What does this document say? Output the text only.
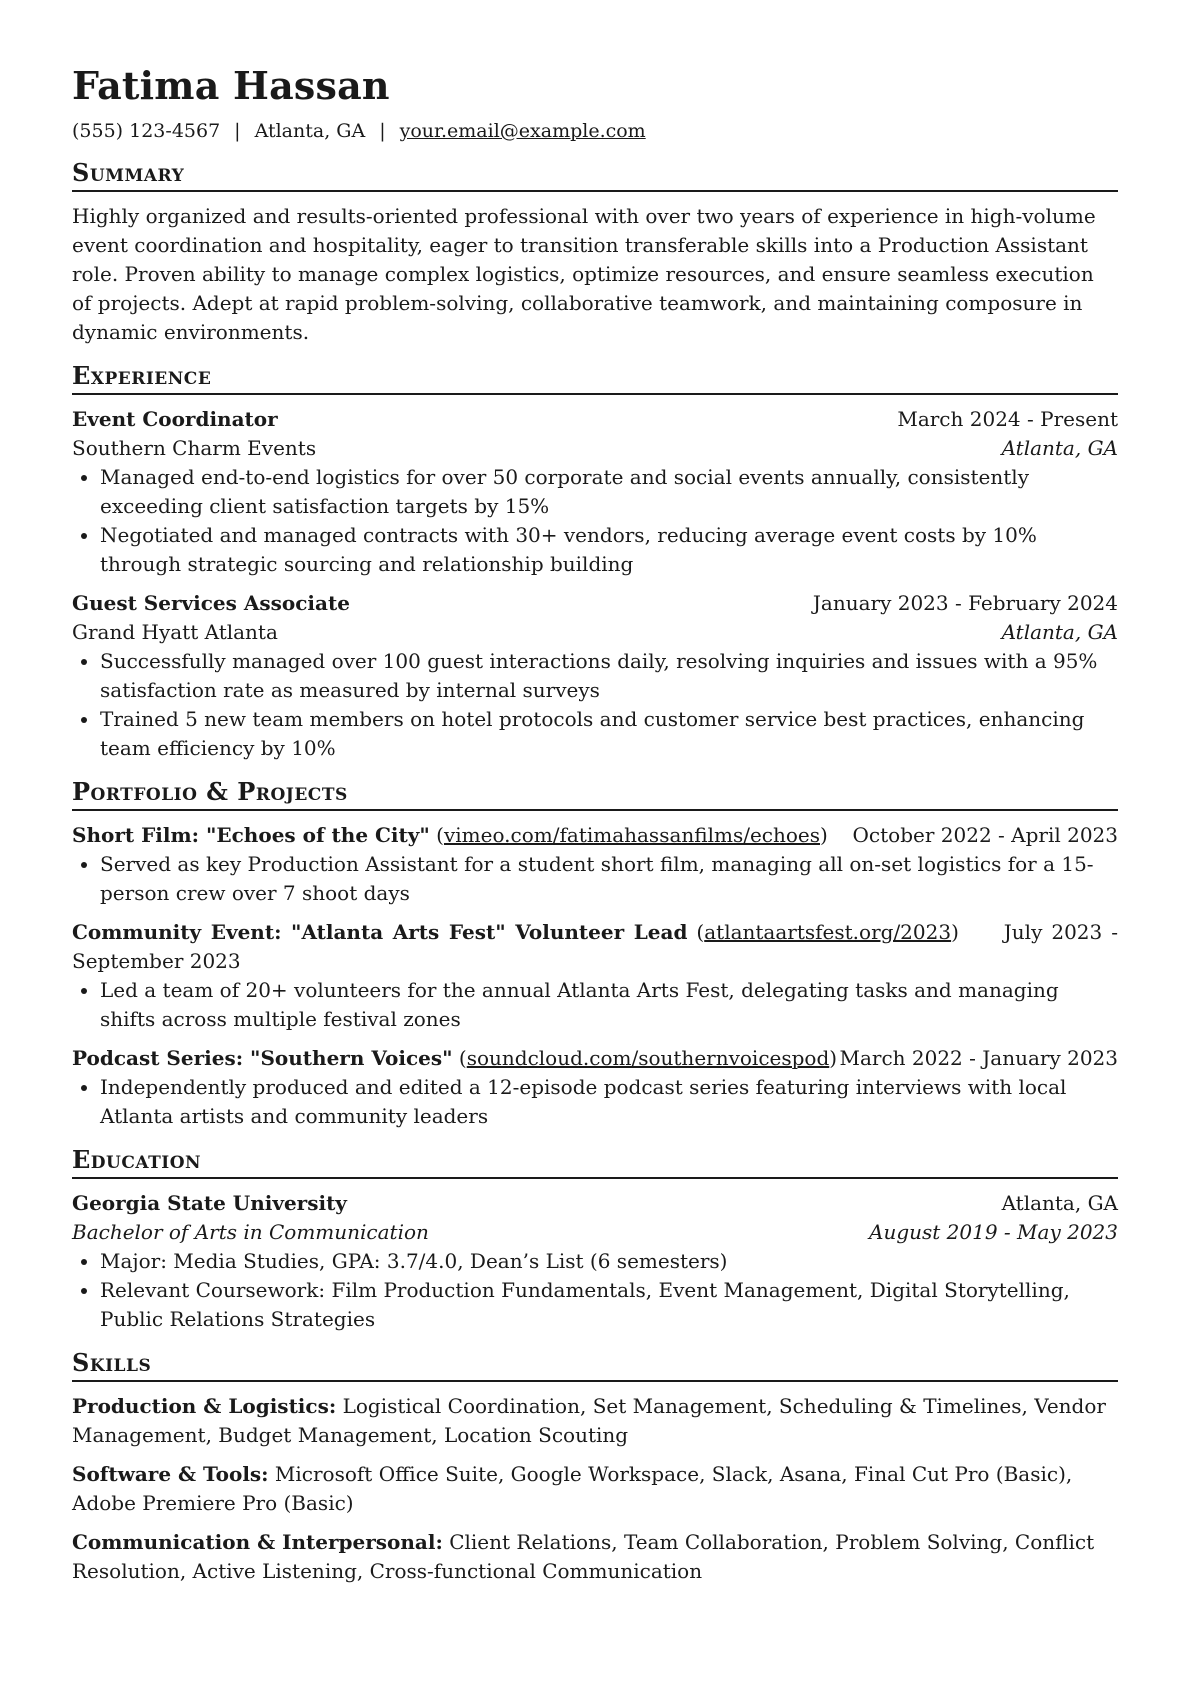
Fatima Hassan
(555) 123-4567 | Atlanta, GA | your.email@example.com
Summary
Highly organized and results-oriented professional with over two years of experience in high-volume event coordination and hospitality, eager to transition transferable skills into a Production Assistant role. Proven ability to manage complex logistics, optimize resources, and ensure seamless execution of projects. Adept at rapid problem-solving, collaborative teamwork, and maintaining composure in dynamic environments.
Experience
Event Coordinator	March 2024 - Present
Southern Charm Events	Atlanta, GA
• Managed end-to-end logistics for over 50 corporate and social events annually, consistently exceeding client satisfaction targets by 15%
• Negotiated and managed contracts with 30+ vendors, reducing average event costs by 10% through strategic sourcing and relationship building
Guest Services Associate	January 2023 - February 2024
Grand Hyatt Atlanta	Atlanta, GA
• Successfully managed over 100 guest interactions daily, resolving inquiries and issues with a 95% satisfaction rate as measured by internal surveys
• Trained 5 new team members on hotel protocols and customer service best practices, enhancing team efficiency by 10%
Portfolio & Projects
Short Film: "Echoes of the City" (vimeo.com/fatimahassanfilms/echoes) October 2022 - April 2023
• Served as key Production Assistant for a student short film, managing all on-set logistics for a 15-person crew over 7 shoot days
Community Event: "Atlanta Arts Fest" Volunteer Lead (atlantaartsfest.org/2023)     July 2023 - September 2023
• Led a team of 20+ volunteers for the annual Atlanta Arts Fest, delegating tasks and managing shifts across multiple festival zones
Podcast Series: "Southern Voices" (soundcloud.com/southernvoicespod) March 2022 - January 2023
• Independently produced and edited a 12-episode podcast series featuring interviews with local Atlanta artists and community leaders
Education
Georgia State University	Atlanta, GA
Bachelor of Arts in Communication	August 2019 - May 2023
• Major: Media Studies, GPA: 3.7/4.0, Dean’s List (6 semesters)
• Relevant Coursework: Film Production Fundamentals, Event Management, Digital Storytelling, Public Relations Strategies
Skills
Production & Logistics: Logistical Coordination, Set Management, Scheduling & Timelines, Vendor Management, Budget Management, Location Scouting
Software & Tools: Microsoft Office Suite, Google Workspace, Slack, Asana, Final Cut Pro (Basic), Adobe Premiere Pro (Basic)
Communication & Interpersonal: Client Relations, Team Collaboration, Problem Solving, Conflict Resolution, Active Listening, Cross-functional Communication
